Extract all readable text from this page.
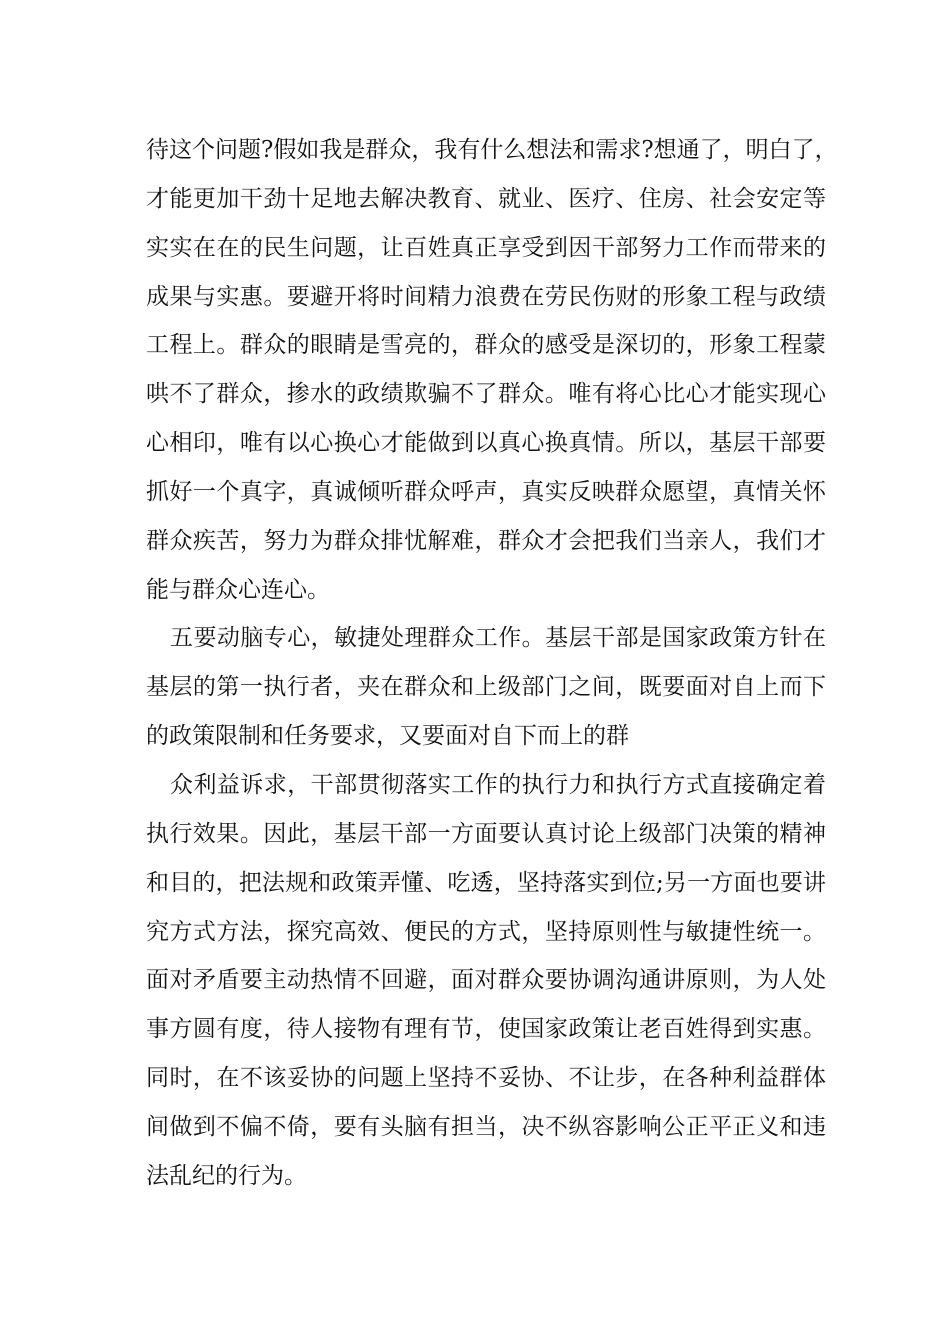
待这个问题?假如我是群众，我有什么想法和需求?想通了，明白了，
才能更加干劲十足地去解决教育、就业、医疗、住房、社会安定等
实实在在的民生问题，让百姓真正享受到因干部努力工作而带来的
成果与实惠。要避开将时间精力浪费在劳民伤财的形象工程与政绩
工程上。群众的眼睛是雪亮的，群众的感受是深切的，形象工程蒙
哄不了群众，掺水的政绩欺骗不了群众。唯有将心比心才能实现心
心相印，唯有以心换心才能做到以真心换真情。所以，基层干部要
抓好一个真字，真诚倾听群众呼声，真实反映群众愿望，真情关怀
群众疾苦，努力为群众排忧解难，群众才会把我们当亲人，我们才
能与群众心连心。
五要动脑专心，敏捷处理群众工作。基层干部是国家政策方针在
基层的第一执行者，夹在群众和上级部门之间，既要面对自上而下
的政策限制和任务要求，又要面对自下而上的群
众利益诉求，干部贯彻落实工作的执行力和执行方式直接确定着
执行效果。因此，基层干部一方面要认真讨论上级部门决策的精神
和目的，把法规和政策弄懂、吃透，坚持落实到位;另一方面也要讲
究方式方法，探究高效、便民的方式，坚持原则性与敏捷性统一。
面对矛盾要主动热情不回避，面对群众要协调沟通讲原则，为人处
事方圆有度，待人接物有理有节，使国家政策让老百姓得到实惠。
同时，在不该妥协的问题上坚持不妥协、不让步，在各种利益群体
间做到不偏不倚，要有头脑有担当，决不纵容影响公正平正义和违
法乱纪的行为。
